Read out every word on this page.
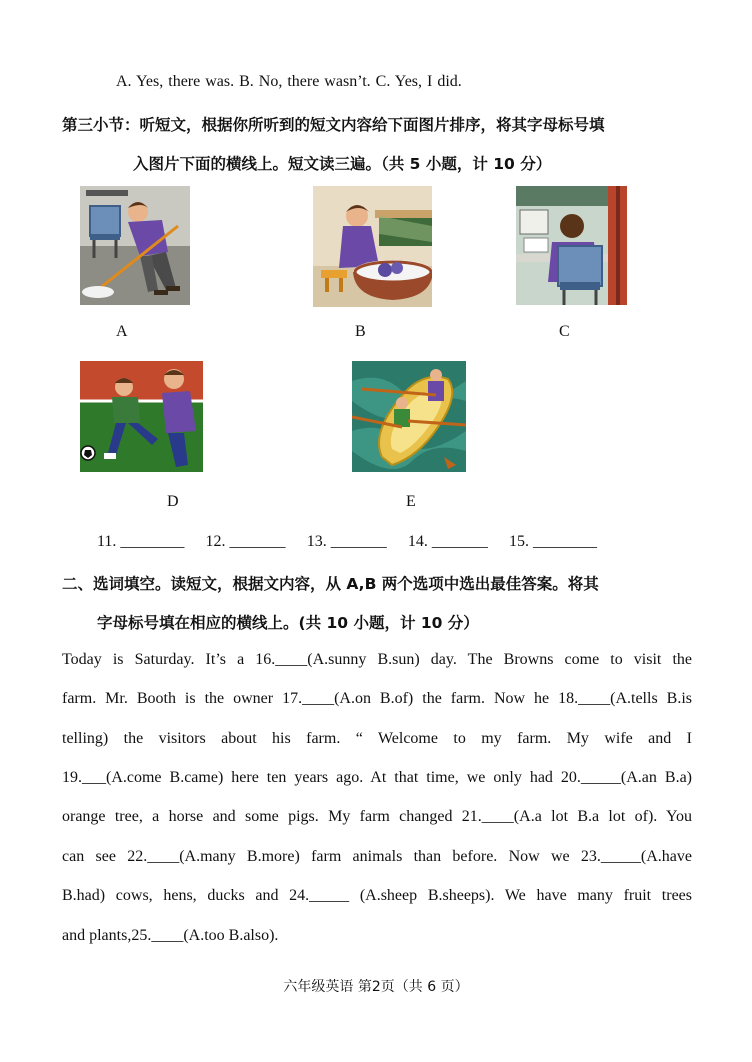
A. Yes, there was. B. No, there wasn’t. C. Yes, I did.
第三小节：听短文，根据你所听到的短文内容给下面图片排序，将其字母标号填
入图片下面的横线上。短文读三遍。（共 5 小题，计 10 分）
A	B	C
D	E
11. ________ 12. _______ 13. _______ 14. _______ 15. ________
二、选词填空。读短文，根据文内容，从 A,B 两个选项中选出最佳答案。将其
字母标号填在相应的横线上。(共 10 小题，计 10 分）
Today is Saturday. It’s a 16.____(A.sunny B.sun) day. The Browns come to visit the
farm. Mr. Booth is the owner 17.____(A.on B.of) the farm. Now he 18.____(A.tells B.is
telling) the visitors about his farm. “ Welcome to my farm. My wife and I
19.___(A.come B.came) here ten years ago. At that time, we only had 20._____(A.an B.a)
orange tree, a horse and some pigs. My farm changed 21.____(A.a lot B.a lot of). You
can see 22.____(A.many B.more) farm animals than before. Now we 23._____(A.have
B.had) cows, hens, ducks and 24._____ (A.sheep B.sheeps). We have many fruit trees
and plants,25.____(A.too B.also).
六年级英语 第2页（共 6 页）
